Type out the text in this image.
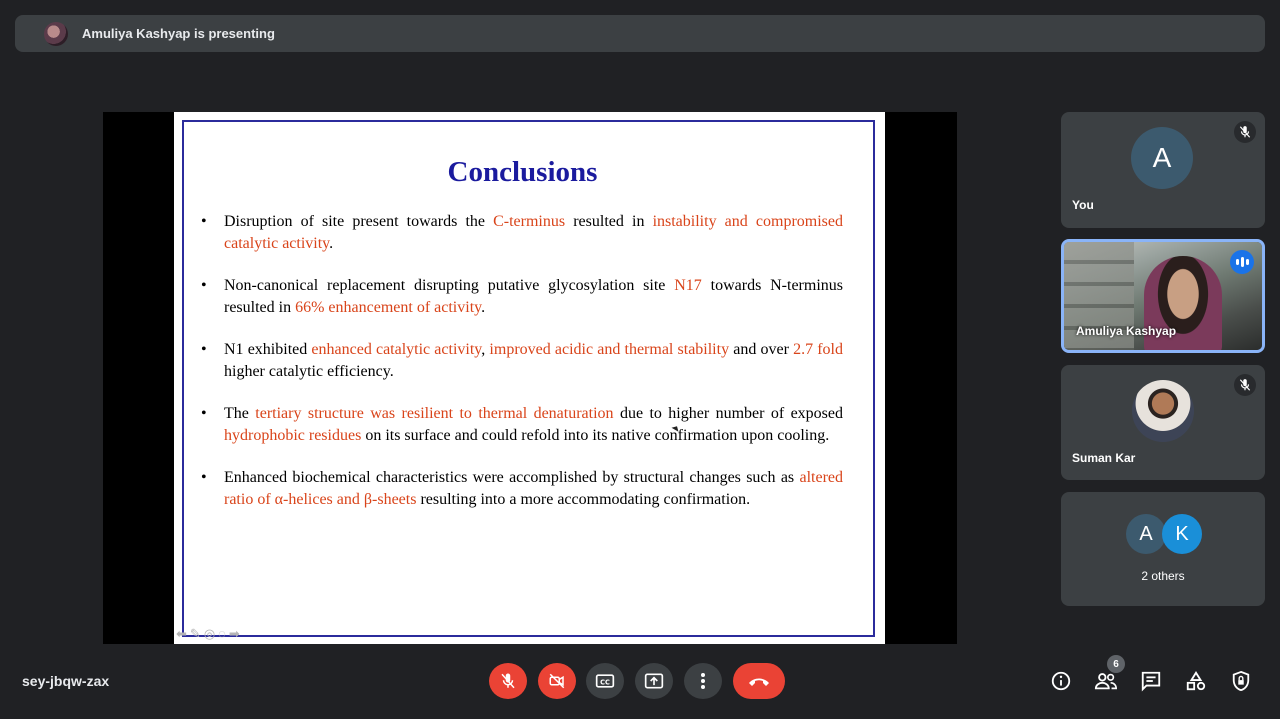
Amuliya Kashyap is presenting
Conclusions
• Disruption of site present towards the C-terminus resulted in instability and compromised catalytic activity.
• Non-canonical replacement disrupting putative glycosylation site N17 towards N-terminus resulted in 66% enhancement of activity.
• N1 exhibited enhanced catalytic activity, improved acidic and thermal stability and over 2.7 fold higher catalytic efficiency.
• The tertiary structure was resilient to thermal denaturation due to higher number of exposed hydrophobic residues on its surface and could refold into its native confirmation upon cooling.
• Enhanced biochemical characteristics were accomplished by structural changes such as altered ratio of α-helices and β-sheets resulting into a more accommodating confirmation.
⬅ ✎ ◎ ◌ ➡
A
You
Amuliya Kashyap
Suman Kar
A	K
2 others
sey-jbqw-zax	CC
6
